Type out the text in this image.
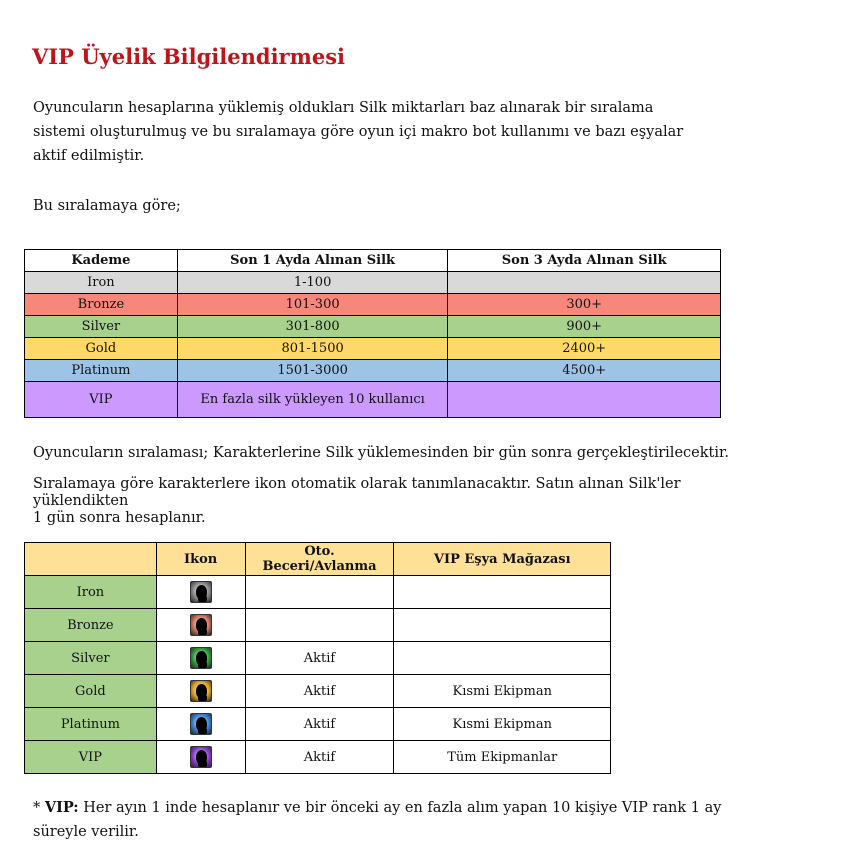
VIP Üyelik Bilgilendirmesi

Oyuncuların hesaplarına yüklemiş oldukları Silk miktarları baz alınarak bir sıralama
sistemi oluşturulmuş ve bu sıralamaya göre oyun içi makro bot kullanımı ve bazı eşyalar
aktif edilmiştir.

Bu sıralamaya göre;

Kademe	Son 1 Ayda Alınan Silk	Son 3 Ayda Alınan Silk
Iron	1-100	
Bronze	101-300	300+
Silver	301-800	900+
Gold	801-1500	2400+
Platinum	1501-3000	4500+
VIP	En fazla silk yükleyen 10 kullanıcı	

Oyuncuların sıralaması; Karakterlerine Silk yüklemesinden bir gün sonra gerçekleştirilecektir.

Sıralamaya göre karakterlere ikon otomatik olarak tanımlanacaktır. Satın alınan Silk'ler yüklendikten
1 gün sonra hesaplanır.

	Ikon	Oto. Beceri/Avlanma	VIP Eşya Mağazası
Iron	

Bronze	

Silver		Aktif	
Gold		Aktif	Kısmi Ekipman
Platinum		Aktif	Kısmi Ekipman
VIP		Aktif	Tüm Ekipmanlar

* VIP: Her ayın 1 inde hesaplanır ve bir önceki ay en fazla alım yapan 10 kişiye VIP rank 1 ay süreyle verilir.
